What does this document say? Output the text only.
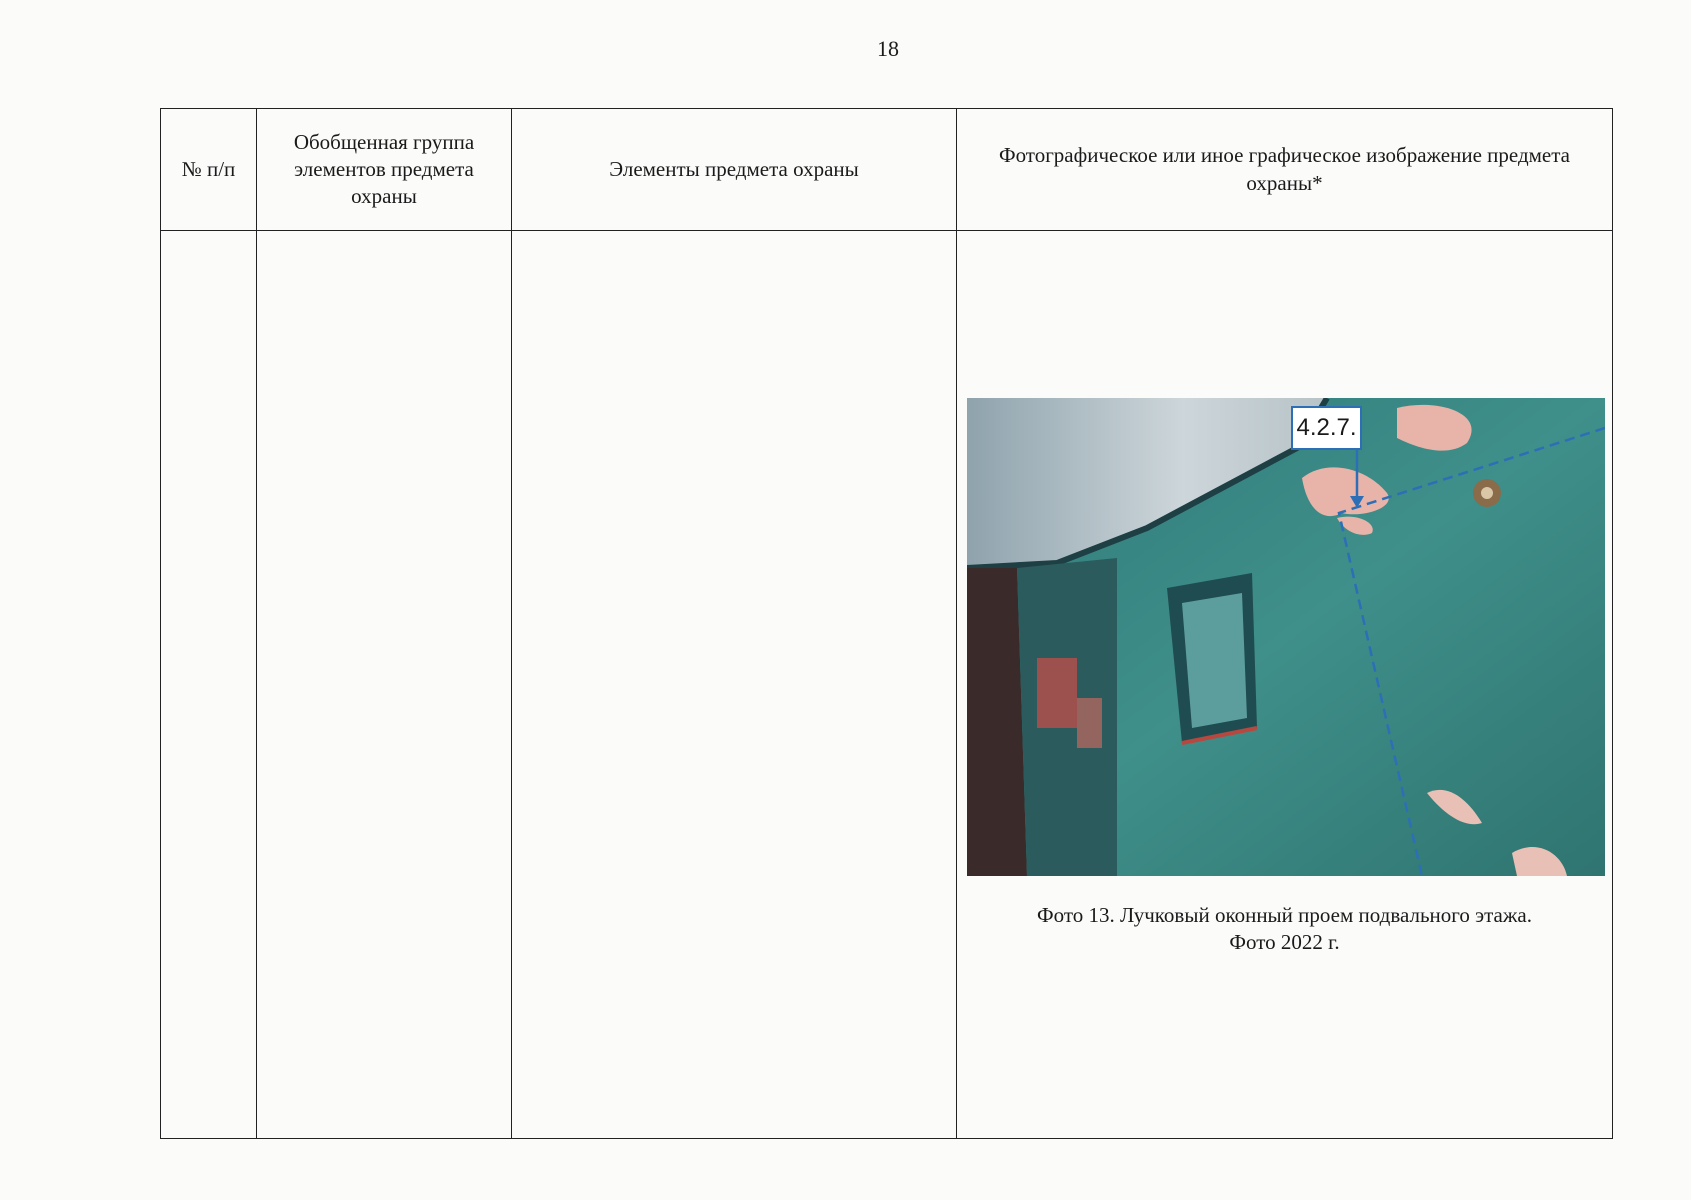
18
№ п/п	Обобщенная группа элементов предмета охраны	Элементы предмета охраны	Фотографическое или иное графическое изображение предмета охраны*

4.2.7.
Фото 13. Лучковый оконный проем подвального этажа.
Фото 2022 г.
